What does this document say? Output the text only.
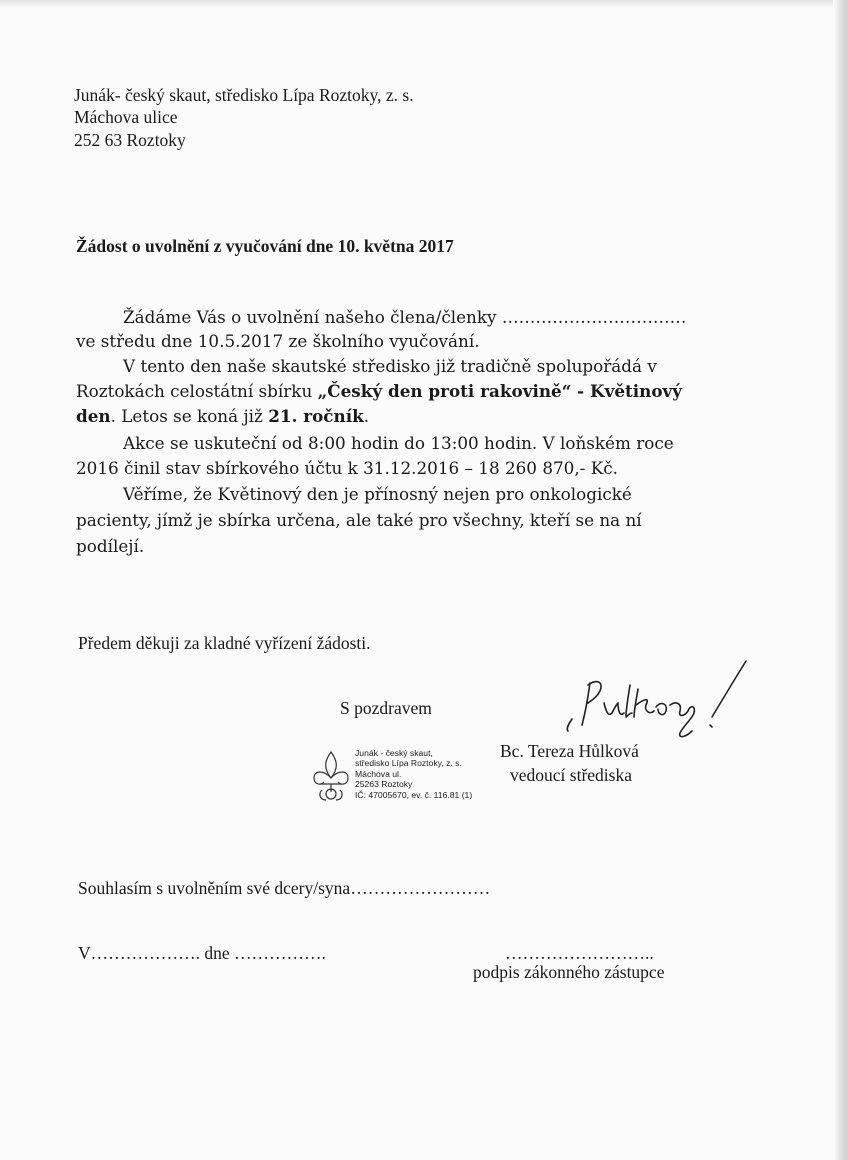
Junák- český skaut, středisko Lípa Roztoky, z. s.
Máchova ulice
252 63 Roztoky
Žádost o uvolnění z vyučování dne 10. května 2017
Žádáme Vás o uvolnění našeho člena/členky ……………………………
ve středu dne 10.5.2017 ze školního vyučování.
V tento den naše skautské středisko již tradičně spolupořádá v
Roztokách celostátní sbírku „Český den proti rakovině“ - Květinový
den. Letos se koná již 21. ročník.
Akce se uskuteční od 8:00 hodin do 13:00 hodin. V loňském roce
2016 činil stav sbírkového účtu k 31.12.2016 – 18 260 870,- Kč.
Věříme, že Květinový den je přínosný nejen pro onkologické
pacienty, jímž je sbírka určena, ale také pro všechny, kteří se na ní
podílejí.
Předem děkuji za kladné vyřízení žádosti.
S pozdravem
Junák - český skaut,
středisko Lípa Roztoky, z. s.
Máchova ul.
25263 Roztoky
IČ: 47005670, ev. č. 116.81 (1)
Bc. Tereza Hůlková
vedoucí střediska
Souhlasím s uvolněním své dcery/syna……………………
V………………. dne …………….	……………………..
podpis zákonného zástupce
